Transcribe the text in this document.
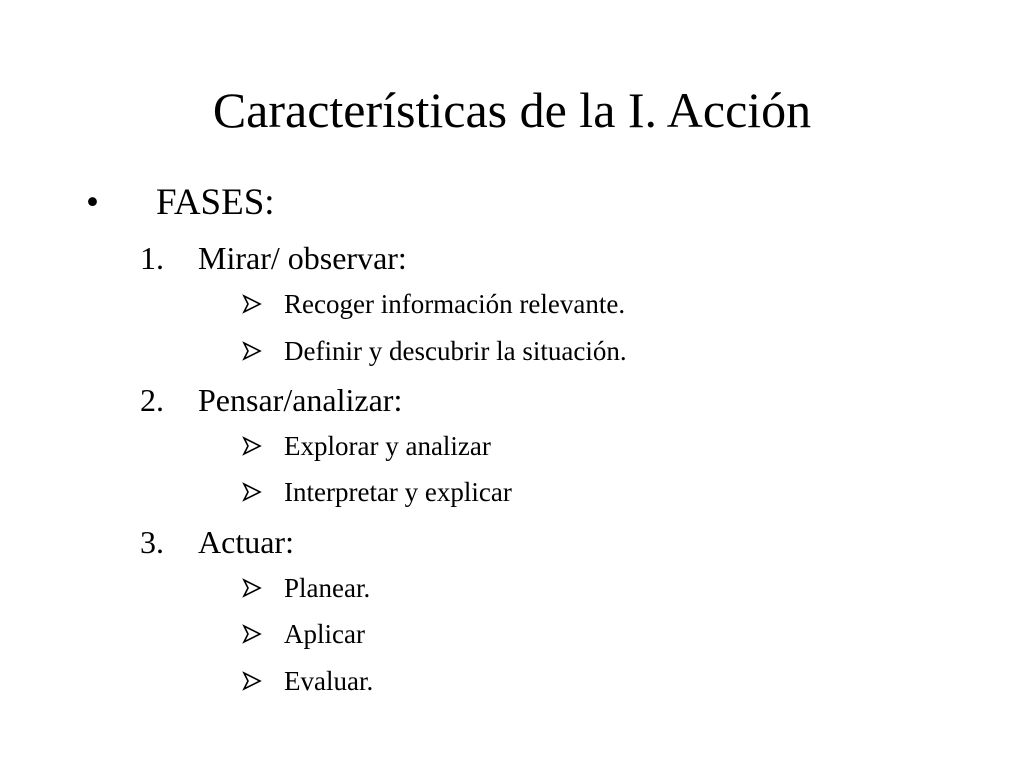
Características de la I. Acción
•	FASES:
1.	Mirar/ observar:
Recoger información relevante.
Definir y descubrir la situación.
2.	Pensar/analizar:
Explorar y analizar
Interpretar y explicar
3.	Actuar:
Planear.
Aplicar
Evaluar.
